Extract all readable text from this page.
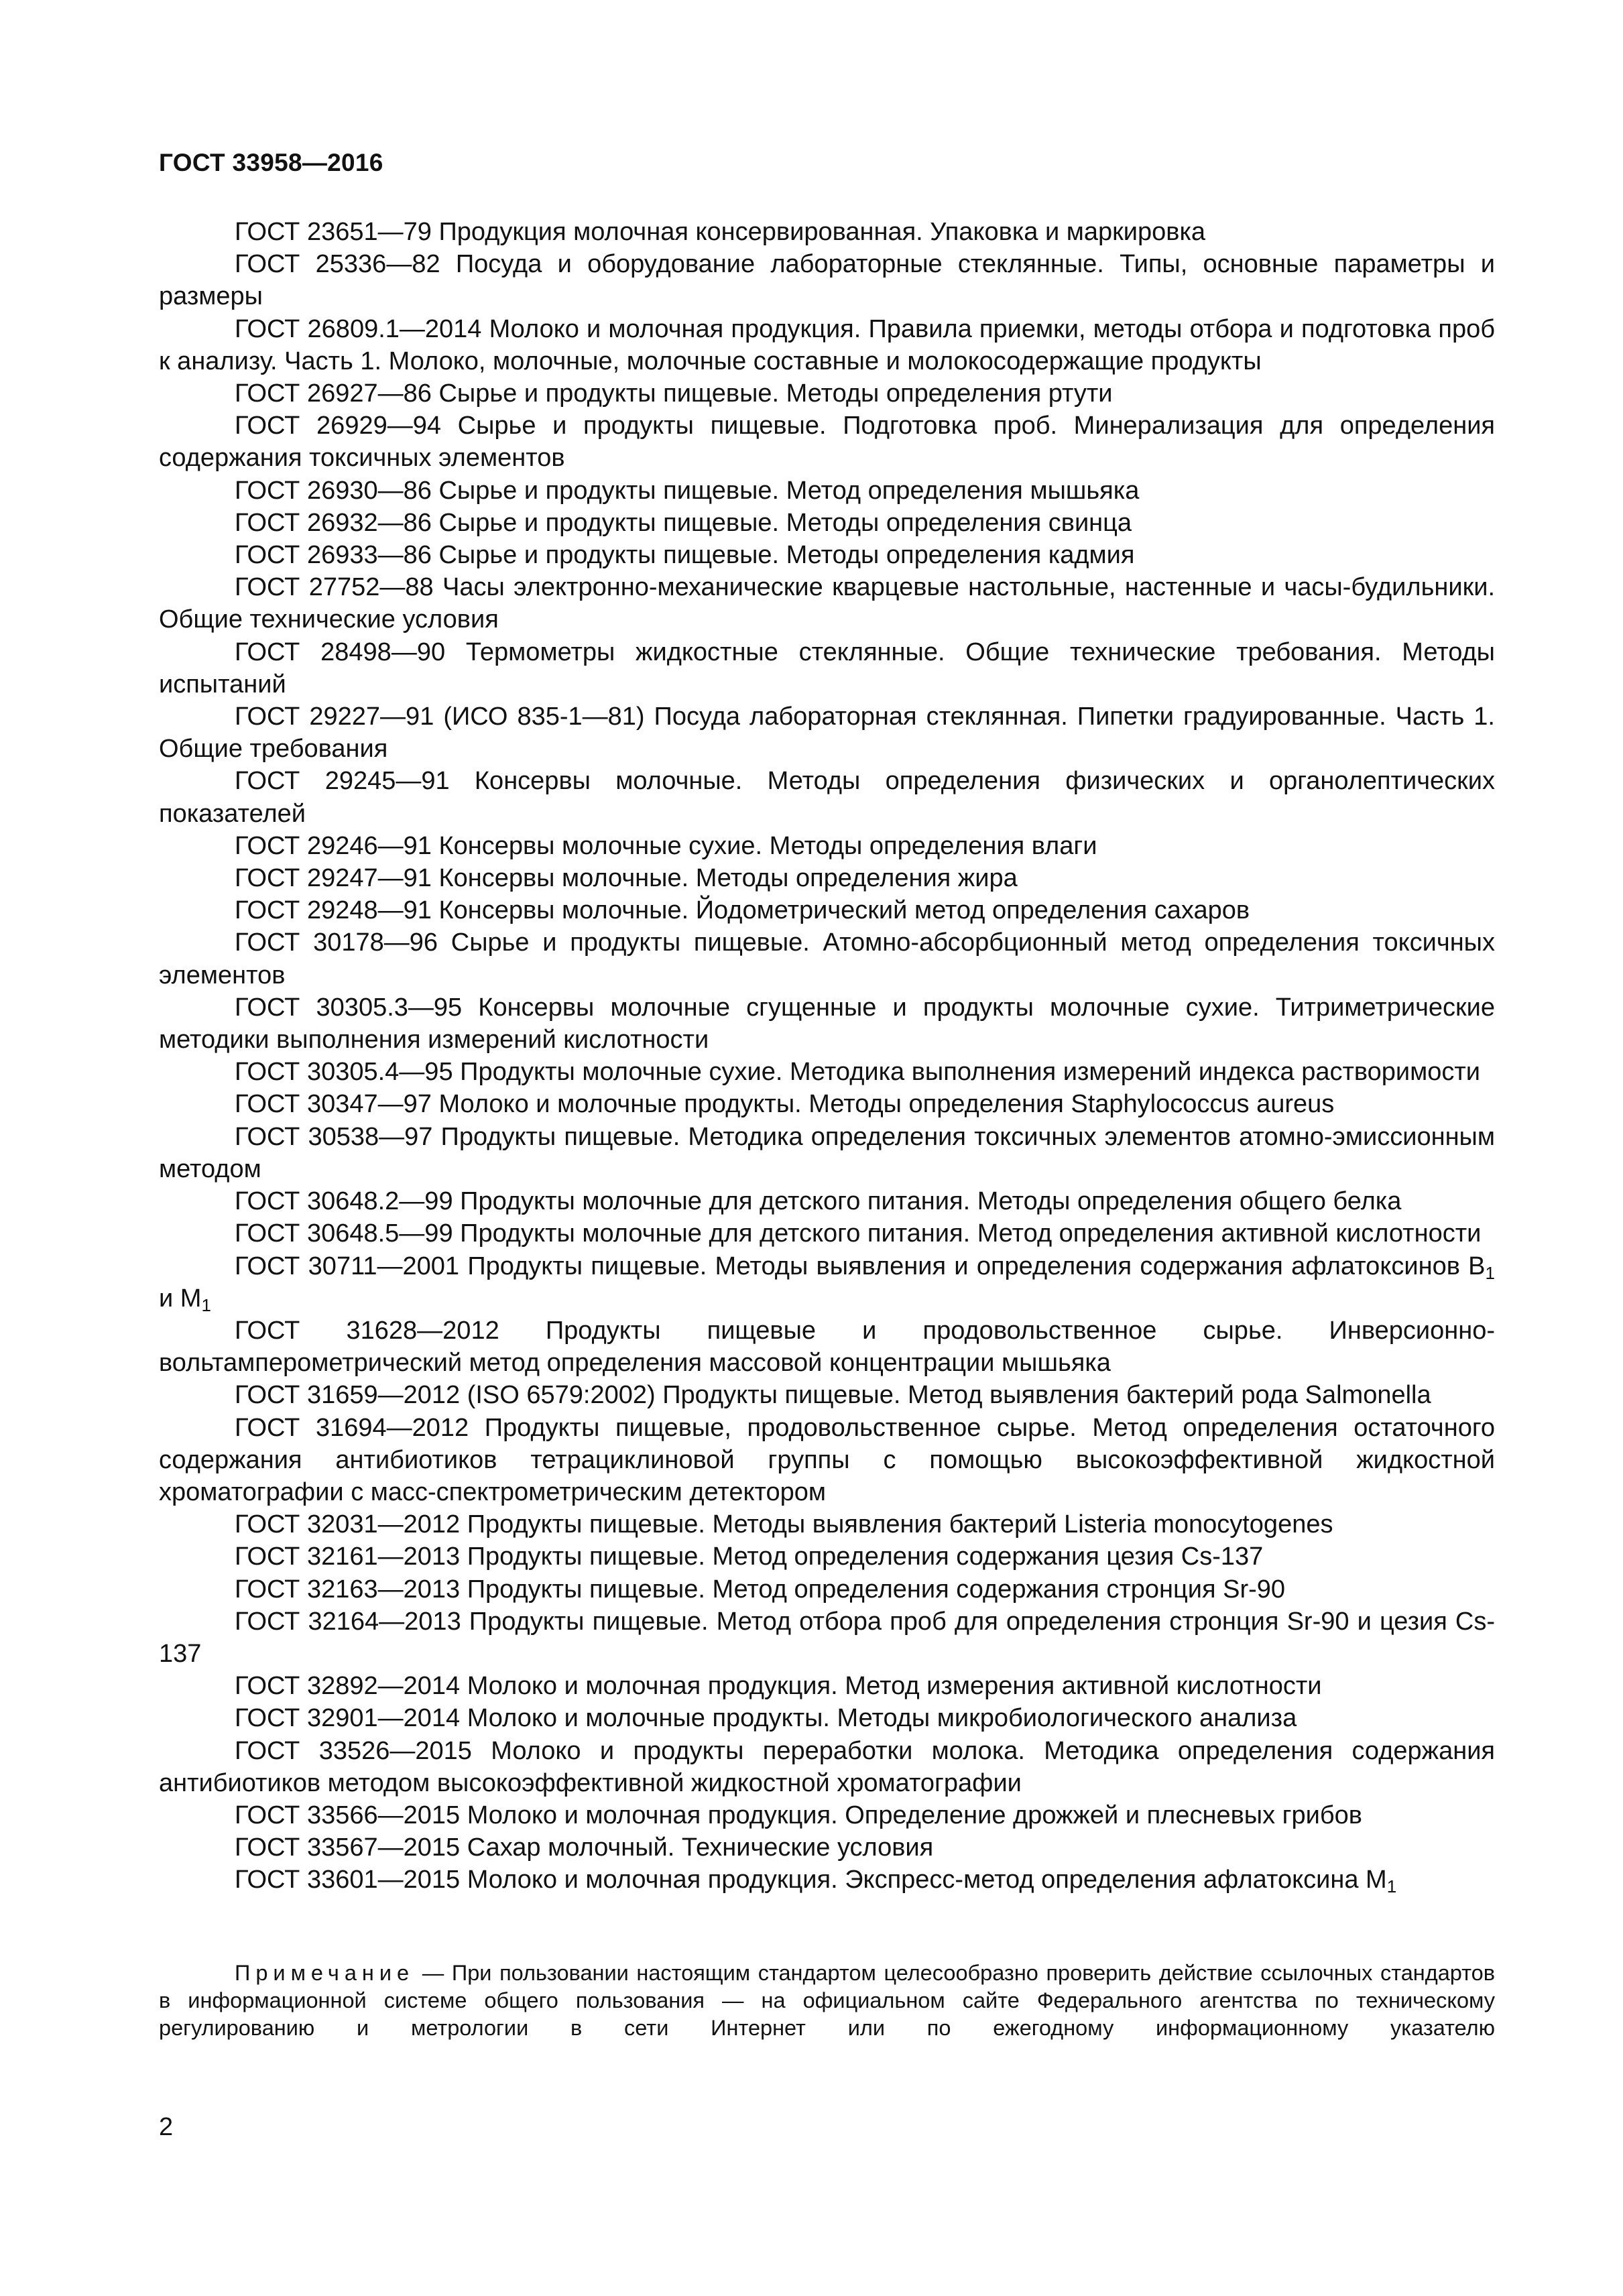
ГОСТ 33958—2016

ГОСТ 23651—79 Продукция молочная консервированная. Упаковка и маркировка

ГОСТ 25336—82 Посуда и оборудование лабораторные стеклянные. Типы, основные параметры и размеры

ГОСТ 26809.1—2014 Молоко и молочная продукция. Правила приемки, методы отбора и подготовка проб к анализу. Часть 1. Молоко, молочные, молочные составные и молокосодержащие продукты

ГОСТ 26927—86 Сырье и продукты пищевые. Методы определения ртути

ГОСТ 26929—94 Сырье и продукты пищевые. Подготовка проб. Минерализация для определения содержания токсичных элементов

ГОСТ 26930—86 Сырье и продукты пищевые. Метод определения мышьяка

ГОСТ 26932—86 Сырье и продукты пищевые. Методы определения свинца

ГОСТ 26933—86 Сырье и продукты пищевые. Методы определения кадмия

ГОСТ 27752—88 Часы электронно-механические кварцевые настольные, настенные и часы-будильники. Общие технические условия

ГОСТ 28498—90 Термометры жидкостные стеклянные. Общие технические требования. Методы испытаний

ГОСТ 29227—91 (ИСО 835-1—81) Посуда лабораторная стеклянная. Пипетки градуированные. Часть 1. Общие требования

ГОСТ 29245—91 Консервы молочные. Методы определения физических и органолептических показателей

ГОСТ 29246—91 Консервы молочные сухие. Методы определения влаги

ГОСТ 29247—91 Консервы молочные. Методы определения жира

ГОСТ 29248—91 Консервы молочные. Йодометрический метод определения сахаров

ГОСТ 30178—96 Сырье и продукты пищевые. Атомно-абсорбционный метод определения токсичных элементов

ГОСТ 30305.3—95 Консервы молочные сгущенные и продукты молочные сухие. Титриметрические методики выполнения измерений кислотности

ГОСТ 30305.4—95 Продукты молочные сухие. Методика выполнения измерений индекса растворимости

ГОСТ 30347—97 Молоко и молочные продукты. Методы определения Staphylococcus aureus

ГОСТ 30538—97 Продукты пищевые. Методика определения токсичных элементов атомно-эмиссионным методом

ГОСТ 30648.2—99 Продукты молочные для детского питания. Методы определения общего белка

ГОСТ 30648.5—99 Продукты молочные для детского питания. Метод определения активной кислотности

ГОСТ 30711—2001 Продукты пищевые. Методы выявления и определения содержания афлатоксинов $B_1$ и $M_1$

ГОСТ 31628—2012 Продукты пищевые и продовольственное сырье. Инверсионно-вольтамперометрический метод определения массовой концентрации мышьяка

ГОСТ 31659—2012 (ISO 6579:2002) Продукты пищевые. Метод выявления бактерий рода Salmonella

ГОСТ 31694—2012 Продукты пищевые, продовольственное сырье. Метод определения остаточного содержания антибиотиков тетрациклиновой группы с помощью высокоэффективной жидкостной хроматографии с масс-спектрометрическим детектором

ГОСТ 32031—2012 Продукты пищевые. Методы выявления бактерий Listeria monocytogenes

ГОСТ 32161—2013 Продукты пищевые. Метод определения содержания цезия Cs-137

ГОСТ 32163—2013 Продукты пищевые. Метод определения содержания стронция Sr-90

ГОСТ 32164—2013 Продукты пищевые. Метод отбора проб для определения стронция Sr-90 и цезия Cs-137

ГОСТ 32892—2014 Молоко и молочная продукция. Метод измерения активной кислотности

ГОСТ 32901—2014 Молоко и молочные продукты. Методы микробиологического анализа

ГОСТ 33526—2015 Молоко и продукты переработки молока. Методика определения содержания антибиотиков методом высокоэффективной жидкостной хроматографии

ГОСТ 33566—2015 Молоко и молочная продукция. Определение дрожжей и плесневых грибов

ГОСТ 33567—2015 Сахар молочный. Технические условия

ГОСТ 33601—2015 Молоко и молочная продукция. Экспресс-метод определения афлатоксина $M_1$

Примечание — При пользовании настоящим стандартом целесообразно проверить действие ссылочных стандартов в информационной системе общего пользования — на официальном сайте Федерального агентства по техническому регулированию и метрологии в сети Интернет или по ежегодному информационному указателю

2
